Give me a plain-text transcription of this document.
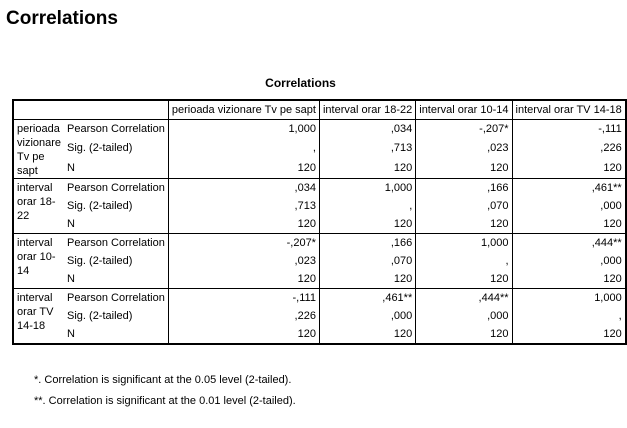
Correlations
Correlations
		perioada vizionare Tv pe sapt	interval orar 18-22	interval orar 10-14	interval orar TV 14-18
perioada vizionare Tv pe sapt	Pearson Correlation	1,000	,034	-,207*	-,111
	Sig. (2-tailed)	,	,713	,023	,226
	N	120	120	120	120
interval orar 18-22	Pearson Correlation	,034	1,000	,166	,461**
	Sig. (2-tailed)	,713	,	,070	,000
	N	120	120	120	120
interval orar 10-14	Pearson Correlation	-,207*	,166	1,000	,444**
	Sig. (2-tailed)	,023	,070	,	,000
	N	120	120	120	120
interval orar TV 14-18	Pearson Correlation	-,111	,461**	,444**	1,000
	Sig. (2-tailed)	,226	,000	,000	,
	N	120	120	120	120
*. Correlation is significant at the 0.05 level (2-tailed).
**. Correlation is significant at the 0.01 level (2-tailed).
